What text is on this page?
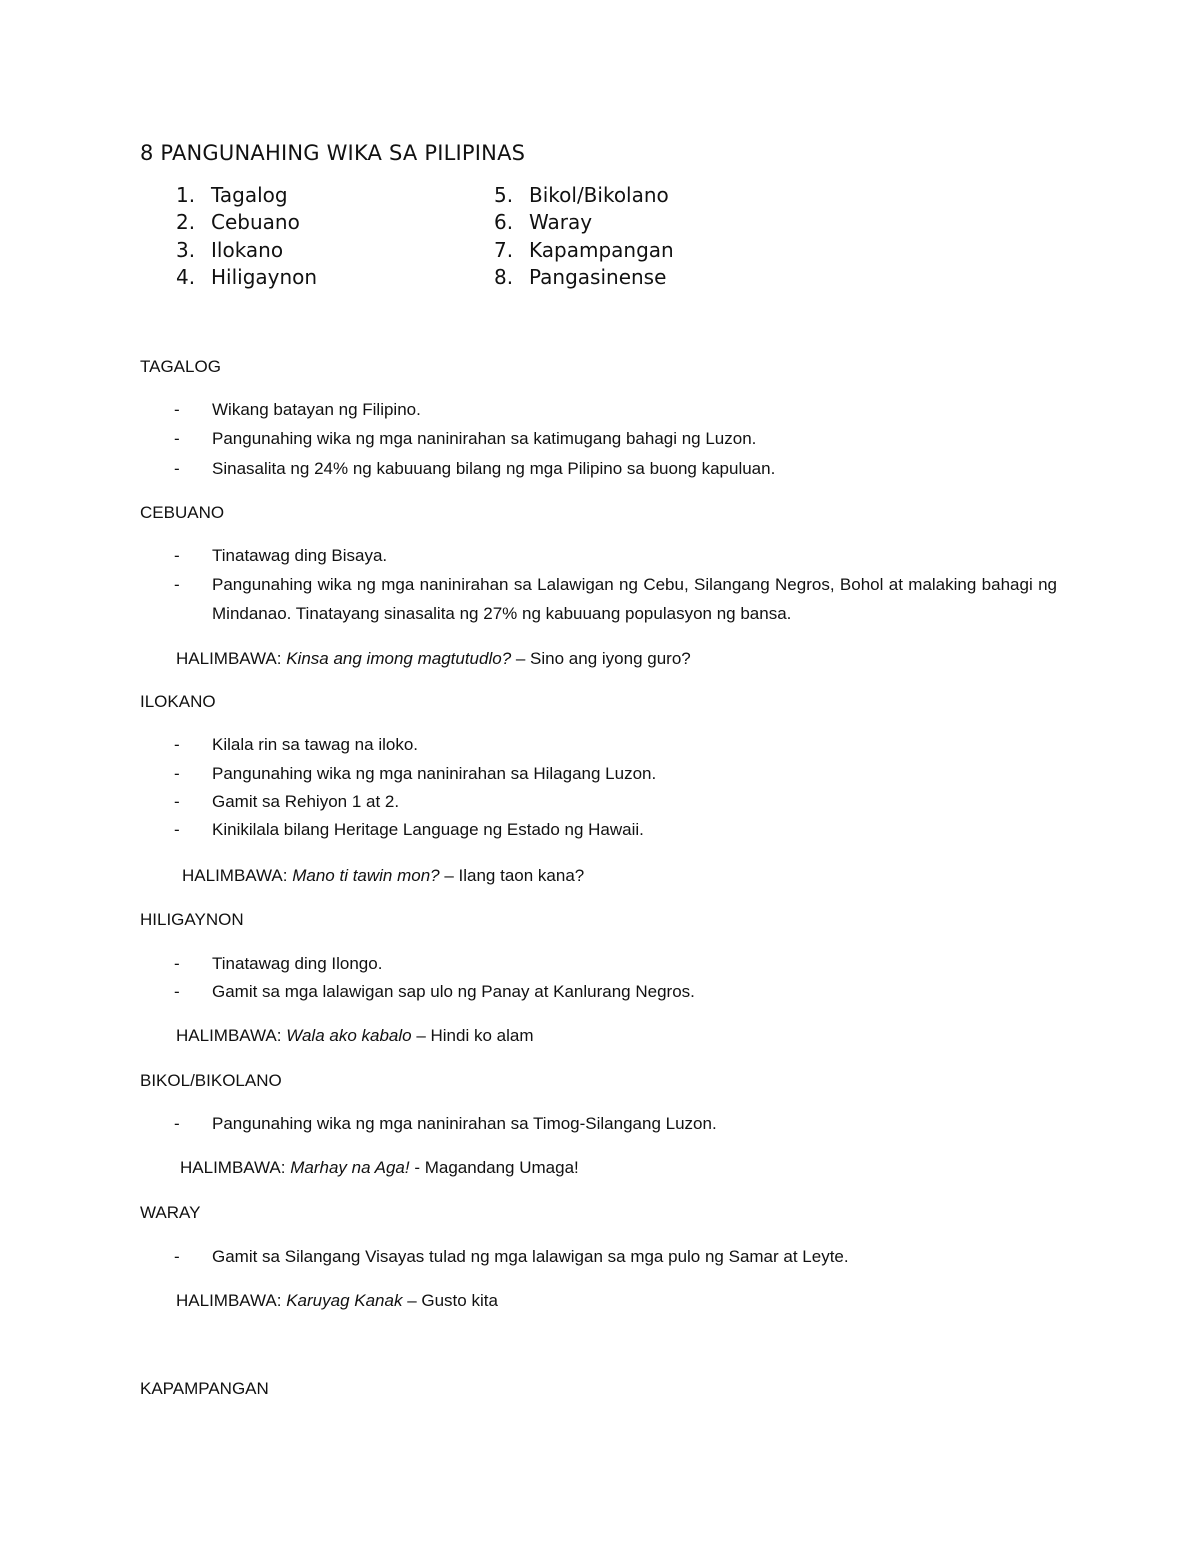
8 PANGUNAHING WIKA SA PILIPINAS
1. Tagalog
2. Cebuano
3. Ilokano
4. Hiligaynon
5. Bikol/Bikolano
6. Waray
7. Kapampangan
8. Pangasinense
TAGALOG
- Wikang batayan ng Filipino.
- Pangunahing wika ng mga naninirahan sa katimugang bahagi ng Luzon.
- Sinasalita ng 24% ng kabuuang bilang ng mga Pilipino sa buong kapuluan.
CEBUANO
- Tinatawag ding Bisaya.
- Pangunahing wika ng mga naninirahan sa Lalawigan ng Cebu, Silangang Negros, Bohol at malaking bahagi ng Mindanao. Tinatayang sinasalita ng 27% ng kabuuang populasyon ng bansa.
HALIMBAWA: Kinsa ang imong magtutudlo? – Sino ang iyong guro?
ILOKANO
- Kilala rin sa tawag na iloko.
- Pangunahing wika ng mga naninirahan sa Hilagang Luzon.
- Gamit sa Rehiyon 1 at 2.
- Kinikilala bilang Heritage Language ng Estado ng Hawaii.
HALIMBAWA: Mano ti tawin mon? – Ilang taon kana?
HILIGAYNON
- Tinatawag ding Ilongo.
- Gamit sa mga lalawigan sap ulo ng Panay at Kanlurang Negros.
HALIMBAWA: Wala ako kabalo – Hindi ko alam
BIKOL/BIKOLANO
- Pangunahing wika ng mga naninirahan sa Timog-Silangang Luzon.
HALIMBAWA: Marhay na Aga! - Magandang Umaga!
WARAY
- Gamit sa Silangang Visayas tulad ng mga lalawigan sa mga pulo ng Samar at Leyte.
HALIMBAWA: Karuyag Kanak – Gusto kita
KAPAMPANGAN
